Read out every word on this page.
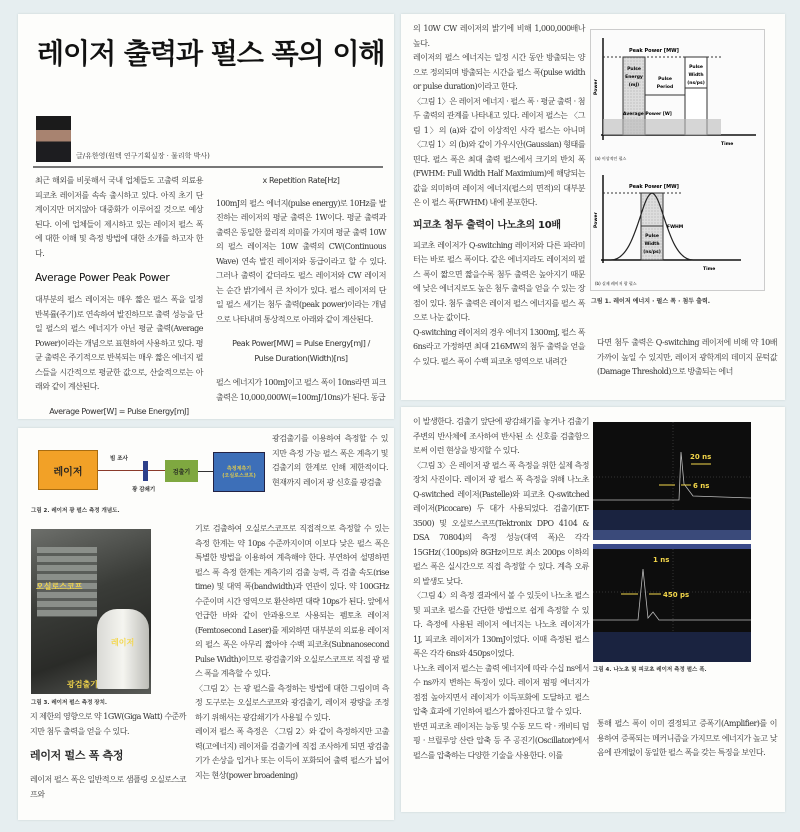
레이저 출력과 펄스 폭의 이해
글/유한영(원텍 연구기획실장 · 물리학 박사)

최근 해외를 비롯해서 국내 업체들도 고출력 의료용 피코초 레이저를 속속 출시하고 있다. 아직 초기 단계이지만 머지않아 대중화가 이루어질 것으로 예상된다. 이에 업체들이 제시하고 있는 레이저 펄스 폭에 대한 이해 및 측정 방법에 대한 소개를 하고자 한다.

Average Power Peak Power

대부분의 펄스 레이저는 매우 짧은 펄스 폭을 일정 반복률(주기)로 연속하여 발진하므로 출력 성능을 단일 펄스의 펄스 에너지가 아닌 평균 출력(Average Power)이라는 개념으로 표현하여 사용하고 있다. 평균 출력은 주기적으로 반복되는 매우 짧은 에너지 펄스들을 시간적으로 평균한 값으로, 산술적으로는 아래와 같이 계산된다.

Average Power[W] = Pulse Energy[mJ]

x Repetition Rate[Hz]

100mJ의 펄스 에너지(pulse energy)로 10Hz를 발진하는 레이저의 평균 출력은 1W이다. 평균 출력과 출력은 동일한 물리적 의미를 가지며 평균 출력 10W의 펄스 레이저는 10W 출력의 CW(Continuous Wave) 연속 발진 레이저와 동급이라고 할 수 있다. 그러나 출력이 같더라도 펄스 레이저와 CW 레이저는 순간 밝기에서 큰 차이가 있다. 펄스 레이저의 단일 펄스 세기는 첨두 출력(peak power)이라는 개념으로 나타내며 통상적으로 아래와 같이 계산된다.

Peak Power[MW] = Pulse Energy[mJ] / Pulse Duration(Width)[ns]

펄스 에너지가 100mJ이고 펄스 폭이 10ns라면 피크 출력은 10,000,000W(=100mJ/10ns)가 된다. 동급

의 10W CW 레이저의 밝기에 비해 1,000,000배나 높다.

레이저의 펄스 에너지는 일정 시간 동안 방출되는 양으로 정의되며 방출되는 시간을 펄스 폭(pulse width or pulse duration)이라고 한다.

〈그림 1〉은 레이저 에너지 · 펄스 폭 · 평균 출력 · 첨두 출력의 관계를 나타내고 있다. 레이저 펄스는 〈그림 1〉의 (a)와 같이 이상적인 사각 펄스는 아니며 〈그림 1〉의 (b)와 같이 가우시안(Gaussian) 형태를 띤다. 펄스 폭은 최대 출력 펄스에서 크기의 반치 폭(FWHM: Full Width Half Maximium)에 해당되는 값을 의미하며 레이저 에너지(펄스의 면적)의 대부분은 이 펄스 폭(FWHM) 내에 분포한다.

피코초 첨두 출력이 나노초의 10배

피코초 레이저가 Q-switching 레이저와 다른 파라미터는 바로 펄스 폭이다. 같은 에너지라도 레이저의 펄스 폭이 짧으면 짧을수록 첨두 출력은 높아지기 때문에 낮은 에너지로도 높은 첨두 출력을 얻을 수 있는 장점이 있다. 첨두 출력은 레이저 펄스 에너지를 펄스 폭으로 나눈 값이다.

Q-switching 레이저의 경우 에너지 1300mJ, 펄스 폭 6ns라고 가정하면 최대 216MW의 첨두 출력을 얻을 수 있다. 펄스 폭이 수백 피코초 영역으로 내려간

Peak Power [MW]
Pulse
Energy
(mJ)
Pulse
Period
Pulse
Width
(ns/ps)
Average Power [W]
Power
Time
(a) 이상적인 펄스
Peak Power [MW]
FWHM
Pulse
Width
(ns/ps)
Power
Time
(b) 실제 레이저 광 펄스
그림 1. 레이저 에너지 · 펄스 폭 · 첨두 출력.

다면 첨두 출력은 Q-switching 레이저에 비해 약 10배 가까이 높일 수 있지만, 레이저 광학계의 데미지 문턱값(Damage Threshold)으로 방출되는 에너

레이저
빔 조사
광 감쇄기
검출기	측정계측기
(오실로스코프)
그림 2. 레이저 광 펄스 측정 개념도.
오실로스코프
레이저
광검출기
그림 3. 레이저 펄스 측정 장치.

지 제한의 영향으로 약 1GW(Giga Watt) 수준까지만 첨두 출력을 얻을 수 있다.

레이저 펄스 폭 측정

레이저 펄스 폭은 일반적으로 샘플링 오실로스코프와

광검출기를 이용하여 측정할 수 있지만 측정 가능 펄스 폭은 계측기 및 검출기의 한계로 인해 제한적이다. 현재까지 레이저 광 신호를 광검출

기로 검출하여 오실로스코프로 직접적으로 측정할 수 있는 측정 한계는 약 10ps 수준까지이며 이보다 낮은 펄스 폭은 특별한 방법을 이용하여 계측해야 한다. 부연하여 설명하면 펄스 폭 측정 한계는 계측기의 검출 능력, 즉 검출 속도(rise time) 및 대역 폭(bandwidth)과 연관이 있다. 약 100GHz 수준이며 시간 영역으로 환산하면 대략 10ps가 된다. 앞에서 언급한 바와 같이 안과용으로 사용되는 펨토초 레이저(Femtosecond Laser)를 제외하면 대부분의 의료용 레이저의 펄스 폭은 아무리 짧아야 수백 피코초(Subnanosecond Pulse Width)이므로 광검출기와 오실로스코프로 직접 광 펄스 폭을 계측할 수 있다.

〈그림 2〉는 광 펄스를 측정하는 방법에 대한 그림이며 측정 도구로는 오실로스코프와 광검출기, 레이저 광량을 조정하기 위해서는 광감쇄기가 사용될 수 있다.

레이저 펄스 폭 측정은 〈그림 2〉와 같이 측정하지만 고출력(고에너지) 레이저를 검출기에 직접 조사하게 되면 광검출기가 손상을 입거나 또는 이득이 포화되어 출력 펄스가 넓어지는 현상(power broadening)

이 발생한다. 검출기 앞단에 광감쇄기를 놓거나 검출기 주변의 반사체에 조사하여 반사된 소 신호를 검출함으로써 이런 현상을 방지할 수 있다.

〈그림 3〉은 레이저 광 펄스 폭 측정을 위한 실제 측정 장치 사진이다. 레이저 광 펄스 폭 측정을 위해 나노초 Q-switched 레이저(Pastelle)와 피코초 Q-switched 레이저(Picocare) 두 대가 사용되었다. 검출기(ET-3500) 및 오실로스코프(Tektronix DPO 4104 & DSA 70804)의 측정 성능(대역 폭)은 각각 15GHz(〈100ps)와 8GHz이므로 최소 200ps 이하의 펄스 폭은 실시간으로 직접 측정할 수 있다. 계측 오류의 발생도 낮다.

〈그림 4〉의 측정 결과에서 볼 수 있듯이 나노초 펄스 및 피코초 펄스를 간단한 방법으로 쉽게 측정할 수 있다. 측정에 사용된 레이저 에너지는 나노초 레이저가 1J, 피코초 레이저가 130mJ이었다. 이때 측정된 펄스 폭은 각각 6ns와 450ps이었다.

나노초 레이저 펄스는 출력 에너지에 따라 수십 ns에서 수 ns까지 변하는 특징이 있다. 레이저 펌핑 에너지가 점점 높아지면서 레이저가 이득포화에 도달하고 펄스 압축 효과에 기인하여 펄스가 짧아진다고 할 수 있다.

반면 피코초 레이저는 능동 및 수동 모드 락 · 캐비티 덤핑 · 브릴루앙 산란 압축 등 주 공진기(Oscillator)에서 펄스를 압축하는 다양한 기술을 사용한다. 이를

20 ns
6 ns
1 ns
450 ps
그림 4. 나노초 및 피코초 레이저 측정 펄스 폭.

통해 펄스 폭이 이미 결정되고 증폭기(Amplifier)를 이용하여 증폭되는 메커니즘을 가지므로 에너지가 높고 낮음에 관계없이 동일한 펄스 폭을 갖는 특징을 보인다.
